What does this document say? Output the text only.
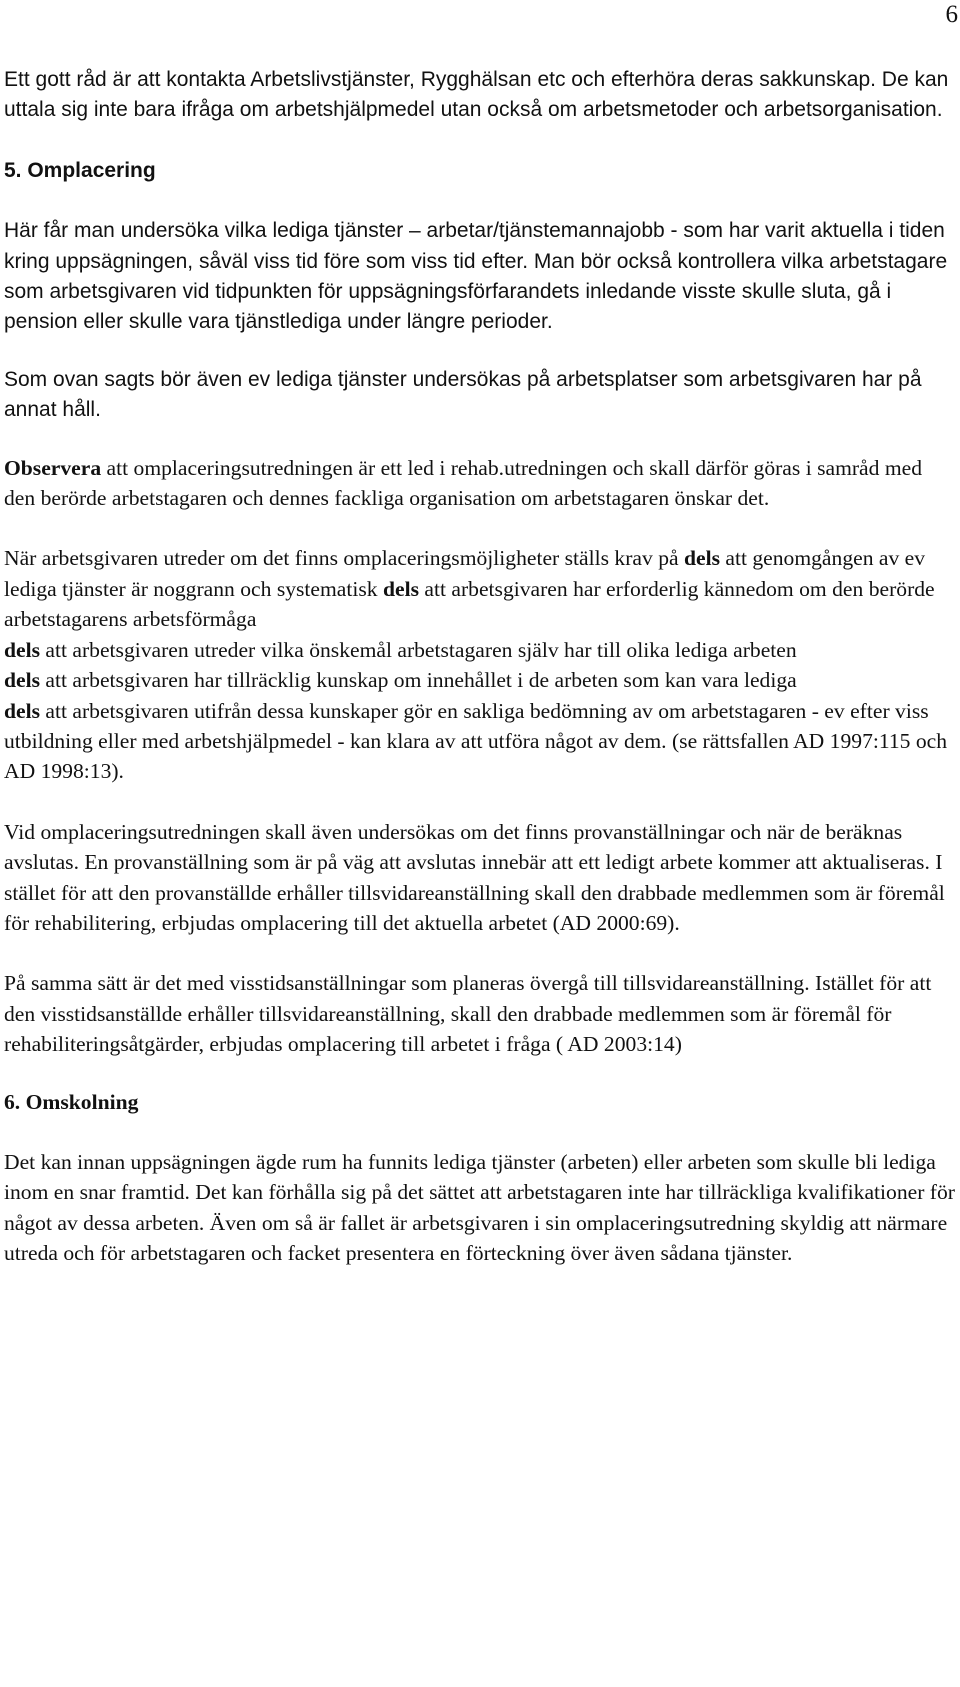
6

Ett gott råd är att kontakta Arbetslivstjänster, Rygghälsan etc och efterhöra deras sakkunskap. De kan uttala sig inte bara ifråga om arbetshjälpmedel utan också om arbetsmetoder och arbetsorganisation.

5. Omplacering

Här får man undersöka vilka lediga tjänster – arbetar/tjänstemannajobb - som har varit aktuella i tiden kring uppsägningen, såväl viss tid före som viss tid efter. Man bör också kontrollera vilka arbetstagare som arbetsgivaren vid tidpunkten för uppsägningsförfarandets inledande visste skulle sluta, gå i pension eller skulle vara tjänstlediga under längre perioder.

Som ovan sagts bör även ev lediga tjänster undersökas på arbetsplatser som arbetsgivaren har på annat håll.

Observera att omplaceringsutredningen är ett led i rehab.utredningen och skall därför göras i samråd med den berörde arbetstagaren och dennes fackliga organisation om arbetstagaren önskar det.

När arbetsgivaren utreder om det finns omplaceringsmöjligheter ställs krav på dels att genomgången av ev lediga tjänster är noggrann och systematisk dels att arbetsgivaren har erforderlig kännedom om den berörde arbetstagarens arbetsförmåga
dels att arbetsgivaren utreder vilka önskemål arbetstagaren själv har till olika lediga arbeten
dels att arbetsgivaren har tillräcklig kunskap om innehållet i de arbeten som kan vara lediga
dels att arbetsgivaren utifrån dessa kunskaper gör en sakliga bedömning av om arbetstagaren - ev efter viss utbildning eller med arbetshjälpmedel - kan klara av att utföra något av dem. (se rättsfallen AD 1997:115 och AD 1998:13).

Vid omplaceringsutredningen skall även undersökas om det finns provanställningar och när de beräknas avslutas. En provanställning som är på väg att avslutas innebär att ett ledigt arbete kommer att aktualiseras. I stället för att den provanställde erhåller tillsvidareanställning skall den drabbade medlemmen som är föremål för rehabilitering, erbjudas omplacering till det aktuella arbetet (AD 2000:69).

På samma sätt är det med visstidsanställningar som planeras övergå till tillsvidareanställning. Istället för att den visstidsanställde erhåller tillsvidareanställning, skall den drabbade medlemmen som är föremål för rehabiliteringsåtgärder, erbjudas omplacering till arbetet i fråga ( AD 2003:14)

6. Omskolning

Det kan innan uppsägningen ägde rum ha funnits lediga tjänster (arbeten) eller arbeten som skulle bli lediga inom en snar framtid. Det kan förhålla sig på det sättet att arbetstagaren inte har tillräckliga kvalifikationer för något av dessa arbeten. Även om så är fallet är arbetsgivaren i sin omplaceringsutredning skyldig att närmare utreda och för arbetstagaren och facket presentera en förteckning över även sådana tjänster.
